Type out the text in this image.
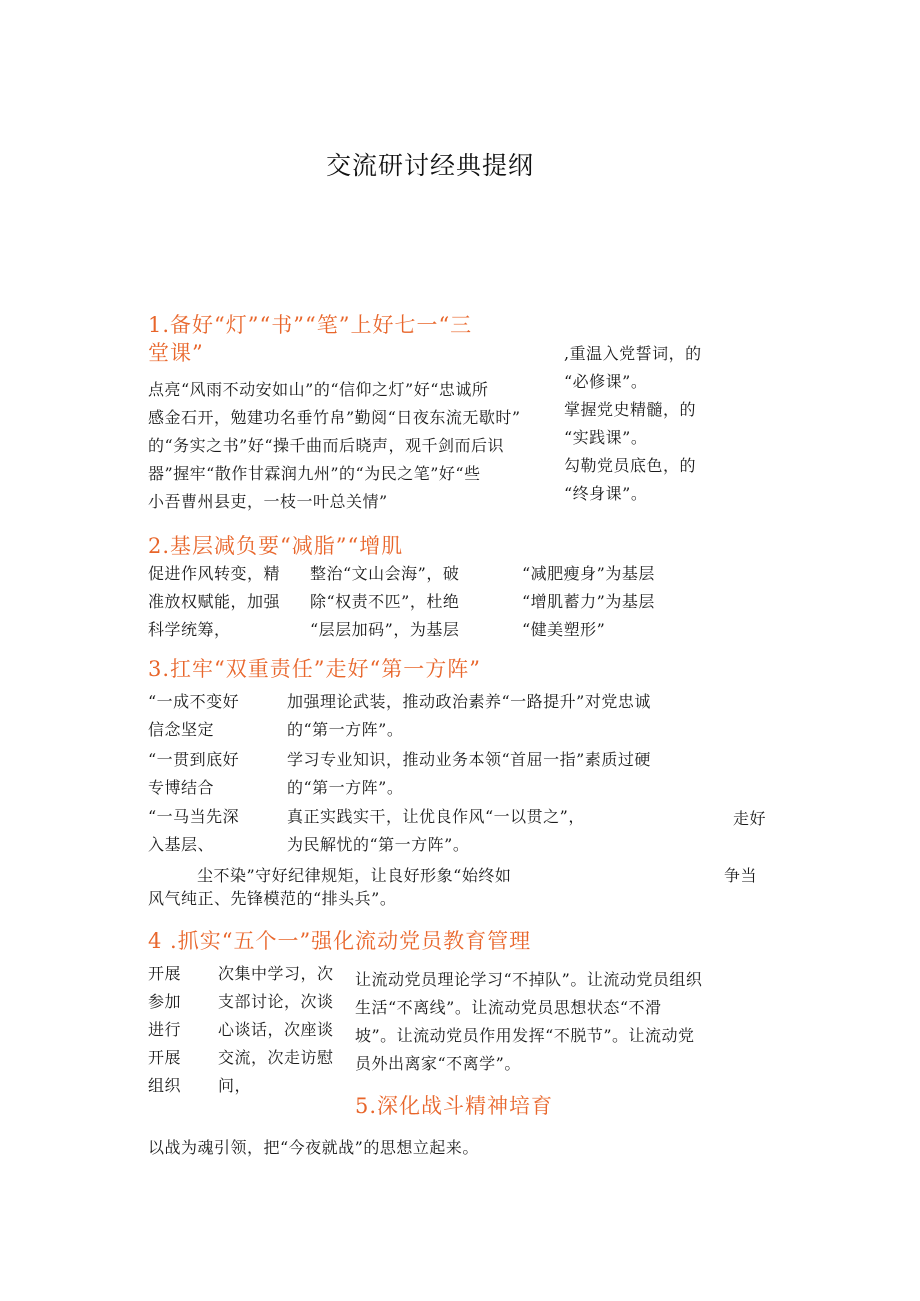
交流研讨经典提纲
1.备好“灯”“书”“笔”上好七一“三
堂课”
点亮“风雨不动安如山”的“信仰之灯”好“忠诚所
感金石开，勉建功名垂竹帛”勤阅“日夜东流无歇时”
的“务实之书”好“操千曲而后晓声，观千剑而后识
器”握牢“散作甘霖润九州”的“为民之笔”好“些
小吾曹州县吏，一枝一叶总关情”
,重温入党誓词，的
“必修课”。
掌握党史精髓，的
“实践课”。
勾勒党员底色，的
“终身课”。
2.基层减负要“减脂”“增肌
促进作风转变，精
准放权赋能，加强
科学统筹，
整治“文山会海”，破
除“权责不匹”，杜绝
“层层加码”，为基层
“减肥瘦身”为基层
“增肌蓄力”为基层
“健美塑形”
3.扛牢“双重责任”走好“第一方阵”
“一成不变好
信念坚定
加强理论武装，推动政治素养“一路提升”对党忠诚
的“第一方阵”。
“一贯到底好
专博结合
学习专业知识，推动业务本领“首屈一指”素质过硬
的“第一方阵”。
“一马当先深
入基层、
真正实践实干，让优良作风“一以贯之”，
为民解忧的“第一方阵”。
走好
尘不染”守好纪律规矩，让良好形象“始终如	争当
风气纯正、先锋模范的“排头兵”。
4 .抓实“五个一”强化流动党员教育管理
开展
参加
进行
开展
组织
次集中学习，次
支部讨论，次谈
心谈话，次座谈
交流，次走访慰
问，
让流动党员理论学习“不掉队”。让流动党员组织
生活“不离线”。让流动党员思想状态“不滑
坡”。让流动党员作用发挥“不脱节”。让流动党
员外出离家“不离学”。
5.深化战斗精神培育
以战为魂引领，把“今夜就战”的思想立起来。
